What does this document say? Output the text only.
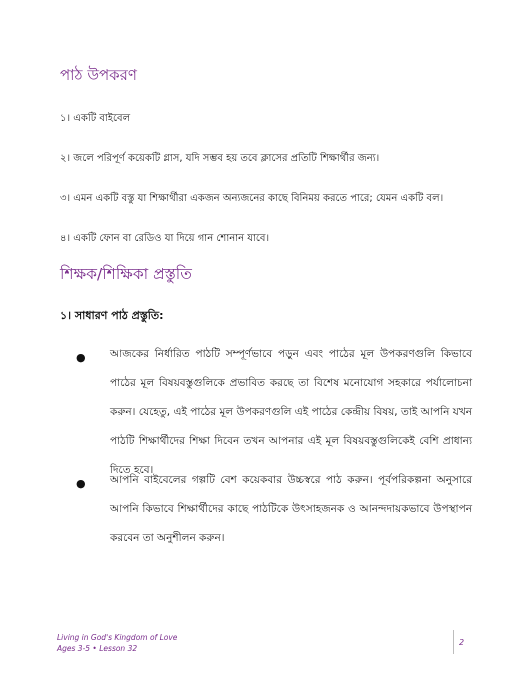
পাঠ উপকরণ
১। একটি বাইবেল
২। জলে পরিপূর্ণ কয়েকটি গ্লাস, যদি সম্ভব হয় তবে ক্লাসের প্রতিটি শিক্ষার্থীর জন্য।
৩। এমন একটি বস্তু যা শিক্ষার্থীরা একজন অন্যজনের কাছে বিনিময় করতে পারে; যেমন একটি বল।
৪। একটি ফোন বা রেডিও যা দিয়ে গান শোনান যাবে।
শিক্ষক/শিক্ষিকা প্রস্তুতি
১। সাধারণ পাঠ প্রস্তুতি:
● আজকের নির্ধারিত পাঠটি সম্পূর্ণভাবে পড়ুন এবং পাঠের মূল উপকরণগুলি কিভাবে পাঠের মূল বিষয়বস্তুগুলিকে প্রভাবিত করছে তা বিশেষ মনোযোগ সহকারে পর্যালোচনা করুন। যেহেতু, এই পাঠের মূল উপকরণগুলি এই পাঠের কেন্দ্রীয় বিষয়, তাই আপনি যখন পাঠটি শিক্ষার্থীদের শিক্ষা দিবেন তখন আপনার এই মূল বিষয়বস্তুগুলিকেই বেশি প্রাধান্য দিতে হবে।
● আপনি বাইবেলের গল্পটি বেশ কয়েকবার উচ্চস্বরে পাঠ করুন। পূর্বপরিকল্পনা অনুসারে আপনি কিভাবে শিক্ষার্থীদের কাছে পাঠটিকে উৎসাহজনক ও আনন্দদায়কভাবে উপস্থাপন করবেন তা অনুশীলন করুন।
Living in God's Kingdom of Love
Ages 3-5 • Lesson 32
2
